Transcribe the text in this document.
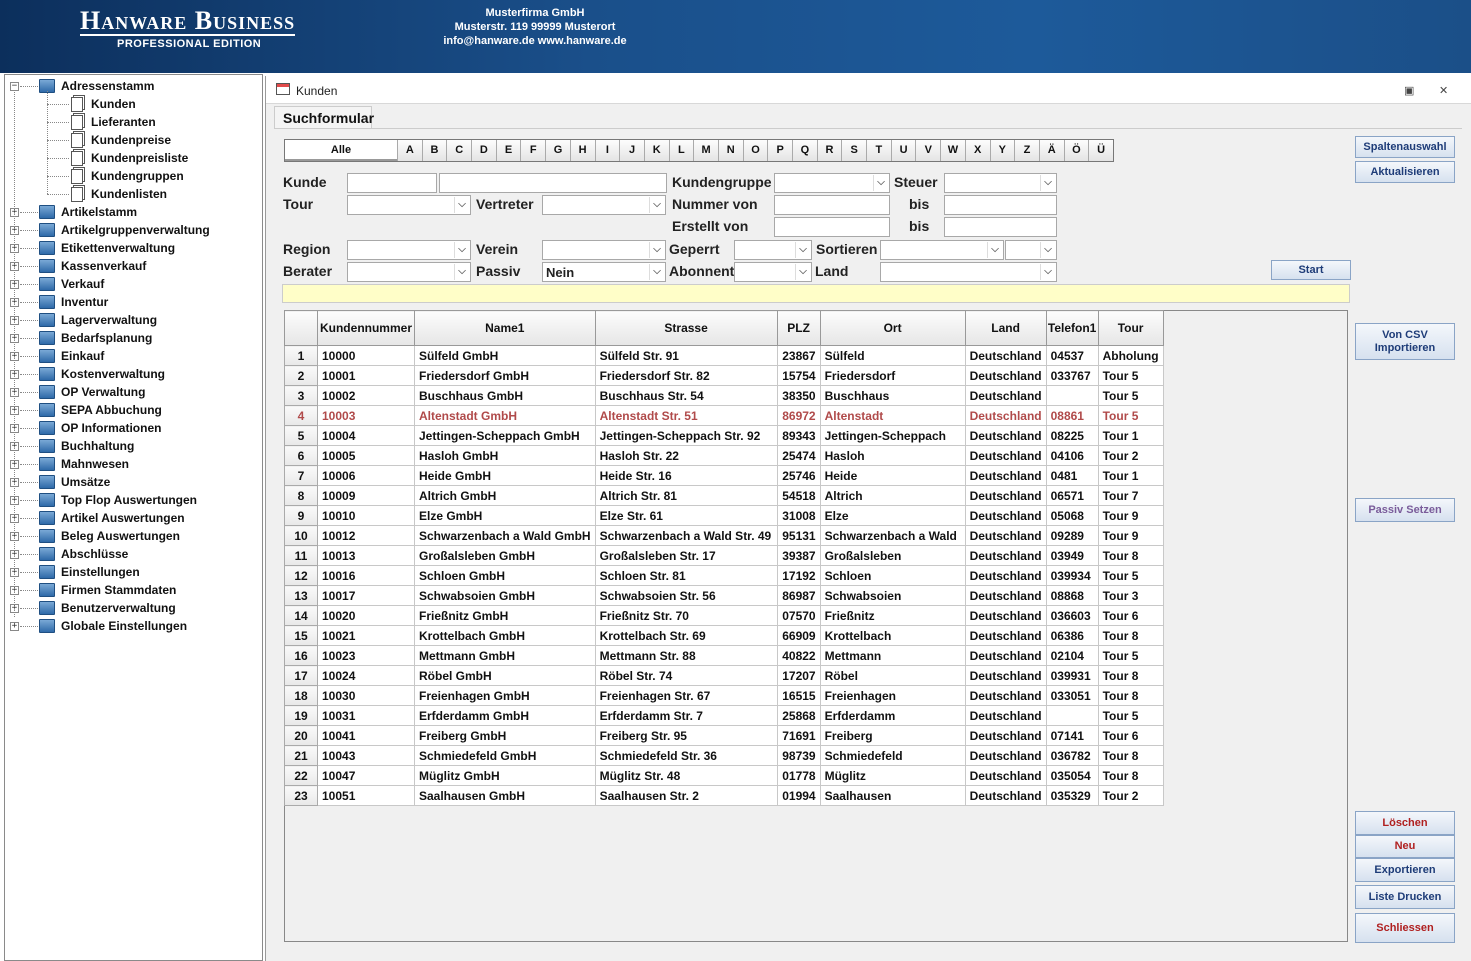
Hanware Business
PROFESSIONAL EDITION
Musterfirma GmbH
Musterstr. 119 99999 Musterort
info@hanware.de www.hanware.de
Adressenstamm
−
Kunden
Lieferanten
Kundenpreise
Kundenpreisliste
Kundengruppen
Kundenlisten
Artikelstamm
+
Artikelgruppenverwaltung
+
Etikettenverwaltung
+
Kassenverkauf
+
Verkauf
+
Inventur
+
Lagerverwaltung
+
Bedarfsplanung
+
Einkauf
+
Kostenverwaltung
+
OP Verwaltung
+
SEPA Abbuchung
+
OP Informationen
+
Buchhaltung
+
Mahnwesen
+
Umsätze
+
Top Flop Auswertungen
+
Artikel Auswertungen
+
Beleg Auswertungen
+
Abschlüsse
+
Einstellungen
+
Firmen Stammdaten
+
Benutzerverwaltung
+
Globale Einstellungen
+
Kunden	▣ ✕
Suchformular
Alle	A	B	C	D	E	F	G	H	I	J	K	L	M	N	O	P	Q	R	S	T	U	V	W	X	Y	Z	Ä	Ö	Ü
Kunde
Tour	⌵ Vertreter	⌵
Kundengruppe	⌵ Steuer	⌵
Nummer von	bis
Erstellt von	bis
Region	⌵ Verein	⌵ Geperrt	⌵ Sortieren	⌵	⌵
Berater	⌵ Passiv	Nein	⌵ Abonnent	⌵ Land	⌵	Start
Spaltenauswahl
Aktualisieren
Von CSV Importieren
Passiv Setzen
Löschen
Neu
Exportieren
Liste Drucken
Schliessen
	Kundennummer	Name1	Strasse	PLZ	Ort	Land	Telefon1	Tour
1	10000	Sülfeld GmbH	Sülfeld Str. 91	23867	Sülfeld	Deutschland	04537	Abholung
2	10001	Friedersdorf GmbH	Friedersdorf Str. 82	15754	Friedersdorf	Deutschland	033767	Tour 5
3	10002	Buschhaus GmbH	Buschhaus Str. 54	38350	Buschhaus	Deutschland		Tour 5
4	10003	Altenstadt GmbH	Altenstadt Str. 51	86972	Altenstadt	Deutschland	08861	Tour 5
5	10004	Jettingen-Scheppach GmbH	Jettingen-Scheppach Str. 92	89343	Jettingen-Scheppach	Deutschland	08225	Tour 1
6	10005	Hasloh GmbH	Hasloh Str. 22	25474	Hasloh	Deutschland	04106	Tour 2
7	10006	Heide GmbH	Heide Str. 16	25746	Heide	Deutschland	0481	Tour 1
8	10009	Altrich GmbH	Altrich Str. 81	54518	Altrich	Deutschland	06571	Tour 7
9	10010	Elze GmbH	Elze Str. 61	31008	Elze	Deutschland	05068	Tour 9
10	10012	Schwarzenbach a Wald GmbH	Schwarzenbach a Wald Str. 49	95131	Schwarzenbach a Wald	Deutschland	09289	Tour 9
11	10013	Großalsleben GmbH	Großalsleben Str. 17	39387	Großalsleben	Deutschland	03949	Tour 8
12	10016	Schloen GmbH	Schloen Str. 81	17192	Schloen	Deutschland	039934	Tour 5
13	10017	Schwabsoien GmbH	Schwabsoien Str. 56	86987	Schwabsoien	Deutschland	08868	Tour 3
14	10020	Frießnitz GmbH	Frießnitz Str. 70	07570	Frießnitz	Deutschland	036603	Tour 6
15	10021	Krottelbach GmbH	Krottelbach Str. 69	66909	Krottelbach	Deutschland	06386	Tour 8
16	10023	Mettmann GmbH	Mettmann Str. 88	40822	Mettmann	Deutschland	02104	Tour 5
17	10024	Röbel GmbH	Röbel Str. 74	17207	Röbel	Deutschland	039931	Tour 8
18	10030	Freienhagen GmbH	Freienhagen Str. 67	16515	Freienhagen	Deutschland	033051	Tour 8
19	10031	Erfderdamm GmbH	Erfderdamm Str. 7	25868	Erfderdamm	Deutschland		Tour 5
20	10041	Freiberg GmbH	Freiberg Str. 95	71691	Freiberg	Deutschland	07141	Tour 6
21	10043	Schmiedefeld GmbH	Schmiedefeld Str. 36	98739	Schmiedefeld	Deutschland	036782	Tour 8
22	10047	Müglitz GmbH	Müglitz Str. 48	01778	Müglitz	Deutschland	035054	Tour 8
23	10051	Saalhausen GmbH	Saalhausen Str. 2	01994	Saalhausen	Deutschland	035329	Tour 2
